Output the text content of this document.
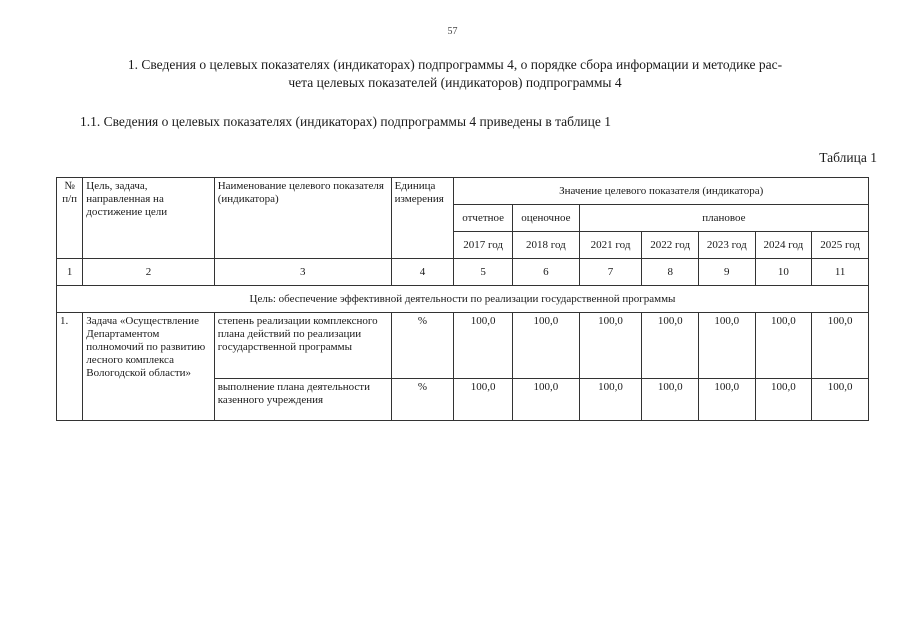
57
1. Сведения о целевых показателях (индикаторах) подпрограммы 4, о порядке сбора информации и методике рас-
чета целевых показателей (индикаторов) подпрограммы 4
1.1. Сведения о целевых показателях (индикаторах) подпрограммы 4 приведены в таблице 1
Таблица 1
№ п/п	Цель, задача, направленная на достижение цели	Наименование целевого показателя (индикатора)	Единица измерения	Значение целевого показателя (индикатора)						
				отчетное	оценочное	плановое				
				2017 год	2018 год	2021 год	2022 год	2023 год	2024 год	2025 год
1	2	3	4	5	6	7	8	9	10	11
Цель: обеспечение эффективной деятельности по реализации государственной программы										
1.	Задача «Осуществление Департаментом полномочий по развитию лесного комплекса Вологодской области»	степень реализации комплексного плана действий по реализации государственной программы	%	100,0	100,0	100,0	100,0	100,0	100,0	100,0
		выполнение плана деятельности казенного учреждения	%	100,0	100,0	100,0	100,0	100,0	100,0	100,0
